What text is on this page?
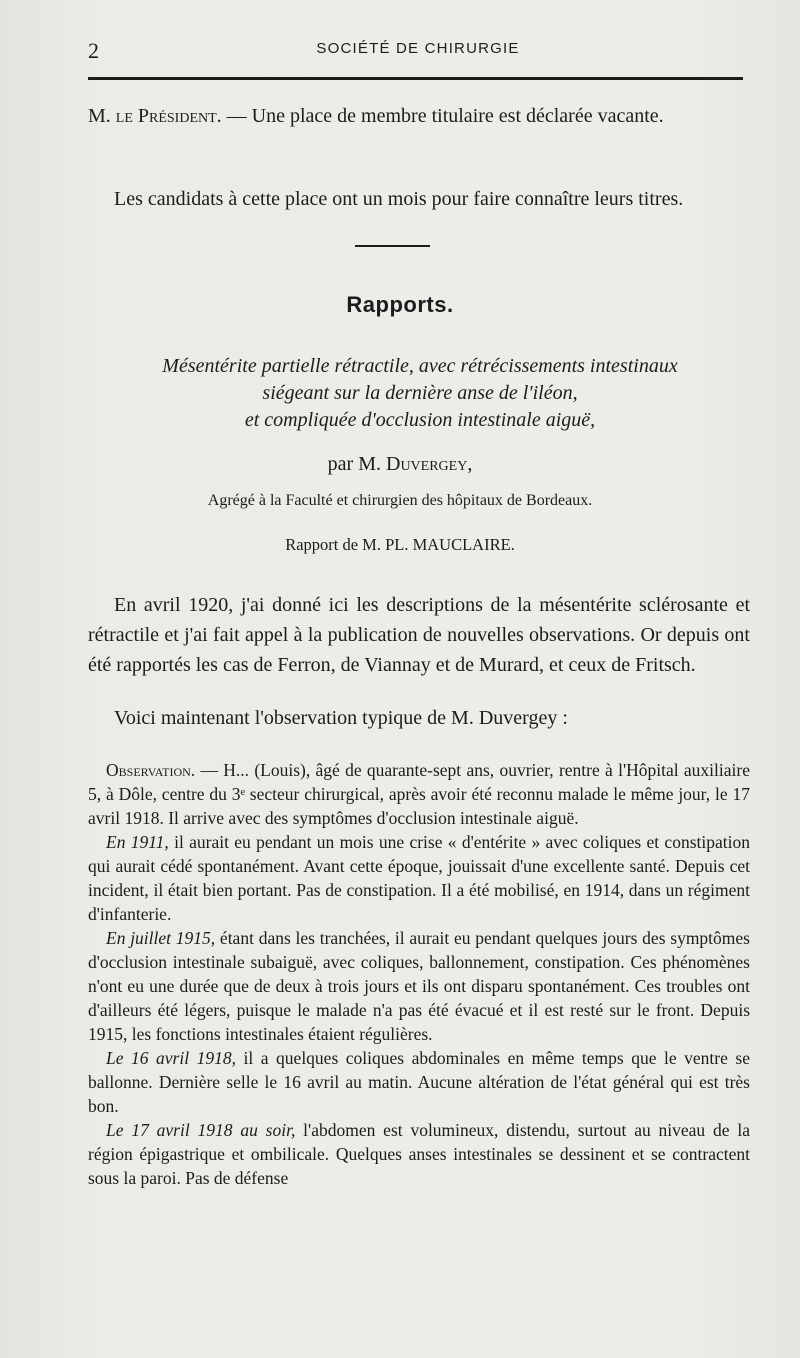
2	SOCIÉTÉ DE CHIRURGIE
M. le Président. — Une place de membre titulaire est déclarée vacante.
Les candidats à cette place ont un mois pour faire connaître leurs titres.
Rapports.
Mésentérite partielle rétractile, avec rétrécissements intestinaux
siégeant sur la dernière anse de l'iléon,
et compliquée d'occlusion intestinale aiguë,
par M. Duvergey,
Agrégé à la Faculté et chirurgien des hôpitaux de Bordeaux.
Rapport de M. PL. MAUCLAIRE.
En avril 1920, j'ai donné ici les descriptions de la mésentérite sclérosante et rétractile et j'ai fait appel à la publication de nouvelles observations. Or depuis ont été rapportés les cas de Ferron, de Viannay et de Murard, et ceux de Fritsch.
Voici maintenant l'observation typique de M. Duvergey :

Observation. — H... (Louis), âgé de quarante-sept ans, ouvrier, rentre à l'Hôpital auxiliaire 5, à Dôle, centre du 3ᵉ secteur chirurgical, après avoir été reconnu malade le même jour, le 17 avril 1918. Il arrive avec des symptômes d'occlusion intestinale aiguë.

En 1911, il aurait eu pendant un mois une crise « d'entérite » avec coliques et constipation qui aurait cédé spontanément. Avant cette époque, jouissait d'une excellente santé. Depuis cet incident, il était bien portant. Pas de constipation. Il a été mobilisé, en 1914, dans un régiment d'infanterie.

En juillet 1915, étant dans les tranchées, il aurait eu pendant quelques jours des symptômes d'occlusion intestinale subaiguë, avec coliques, ballonnement, constipation. Ces phénomènes n'ont eu une durée que de deux à trois jours et ils ont disparu spontanément. Ces troubles ont d'ailleurs été légers, puisque le malade n'a pas été évacué et il est resté sur le front. Depuis 1915, les fonctions intestinales étaient régulières.

Le 16 avril 1918, il a quelques coliques abdominales en même temps que le ventre se ballonne. Dernière selle le 16 avril au matin. Aucune altération de l'état général qui est très bon.

Le 17 avril 1918 au soir, l'abdomen est volumineux, distendu, surtout au niveau de la région épigastrique et ombilicale. Quelques anses intestinales se dessinent et se contractent sous la paroi. Pas de défense
